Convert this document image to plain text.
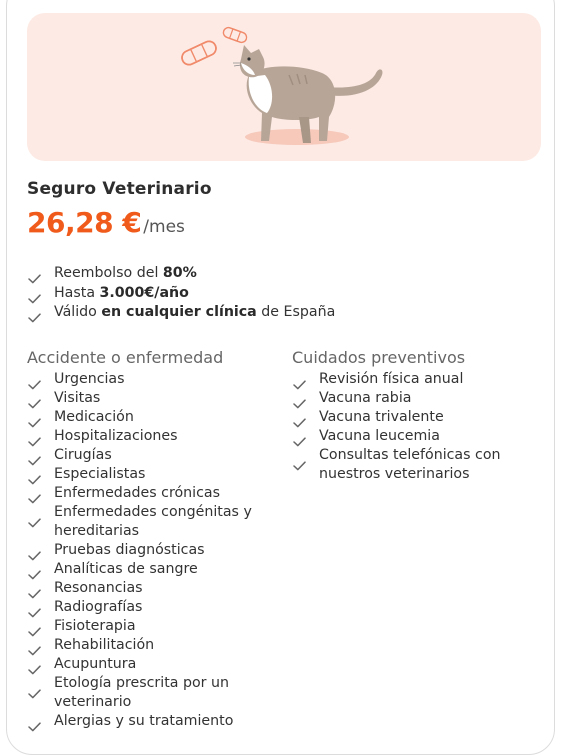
Seguro Veterinario
26,28 € /mes
Reembolso del 80%
Hasta 3.000€/año
Válido en cualquier clínica de España
Accidente o enfermedad
Urgencias
Visitas
Medicación
Hospitalizaciones
Cirugías
Especialistas
Enfermedades crónicas
Enfermedades congénitas y
hereditarias
Pruebas diagnósticas
Analíticas de sangre
Resonancias
Radiografías
Fisioterapia
Rehabilitación
Acupuntura
Etología prescrita por un
veterinario
Alergias y su tratamiento
Cuidados preventivos
Revisión física anual
Vacuna rabia
Vacuna trivalente
Vacuna leucemia
Consultas telefónicas con
nuestros veterinarios
